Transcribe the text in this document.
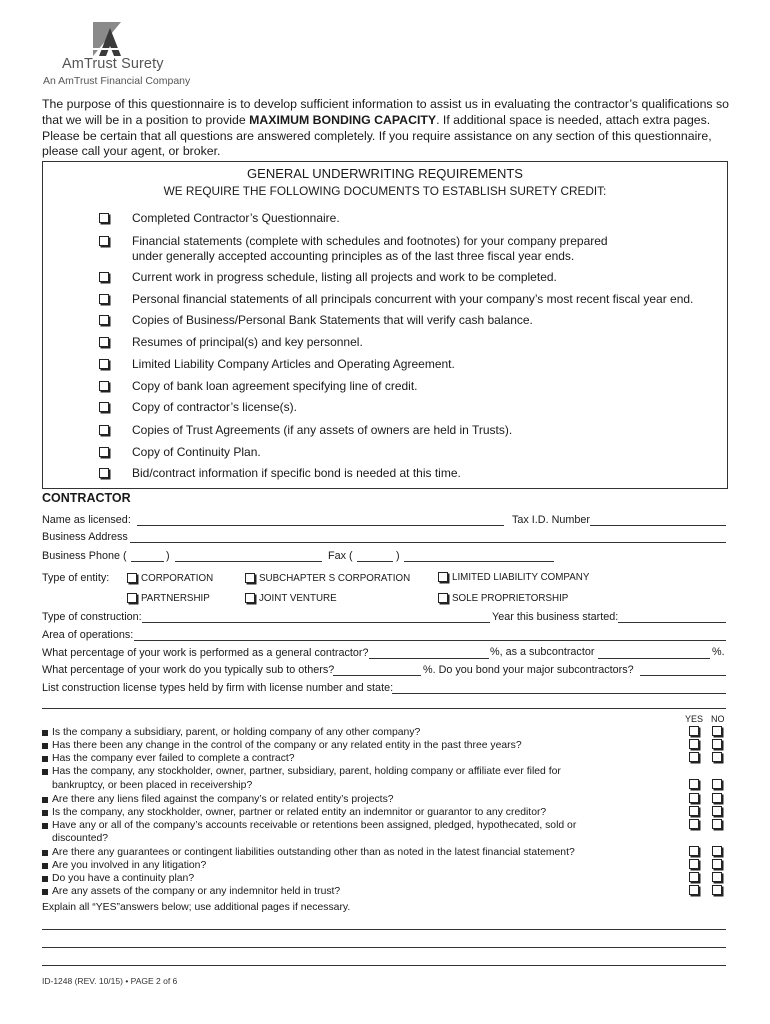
AmTrust Surety
An AmTrust Financial Company
The purpose of this questionnaire is to develop sufficient information to assist us in evaluating the contractor’s qualifications so that we will be in a position to provide MAXIMUM BONDING CAPACITY. If additional space is needed, attach extra pages. Please be certain that all questions are answered completely. If you require assistance on any section of this questionnaire, please call your agent, or broker.
GENERAL UNDERWRITING REQUIREMENTS
WE REQUIRE THE FOLLOWING DOCUMENTS TO ESTABLISH SURETY CREDIT:
Completed Contractor’s Questionnaire.
Financial statements (complete with schedules and footnotes) for your company prepared under generally accepted accounting principles as of the last three fiscal year ends.
Current work in progress schedule, listing all projects and work to be completed.
Personal financial statements of all principals concurrent with your company’s most recent fiscal year end.
Copies of Business/Personal Bank Statements that will verify cash balance.
Resumes of principal(s) and key personnel.
Limited Liability Company Articles and Operating Agreement.
Copy of bank loan agreement specifying line of credit.
Copy of contractor’s license(s).
Copies of Trust Agreements (if any assets of owners are held in Trusts).
Copy of Continuity Plan.
Bid/contract information if specific bond is needed at this time.
CONTRACTOR
Name as licensed:	Tax I.D. Number
Business Address
Business Phone (	)	Fax (	)
Type of entity:	CORPORATION	SUBCHAPTER S CORPORATION	LIMITED LIABILITY COMPANY
PARTNERSHIP	JOINT VENTURE	SOLE PROPRIETORSHIP
Type of construction:	Year this business started:
Area of operations:
What percentage of your work is performed as a general contractor?	%, as a subcontractor	%.
What percentage of your work do you typically sub to others?	%. Do you bond your major subcontractors?
List construction license types held by firm with license number and state:
YES NO
Is the company a subsidiary, parent, or holding company of any other company?
Has there been any change in the control of the company or any related entity in the past three years?
Has the company ever failed to complete a contract?
Has the company, any stockholder, owner, partner, subsidiary, parent, holding company or affiliate ever filed for
bankruptcy, or been placed in receivership?
Are there any liens filed against the company’s or related entity’s projects?
Is the company, any stockholder, owner, partner or related entity an indemnitor or guarantor to any creditor?
Have any or all of the company’s accounts receivable or retentions been assigned, pledged, hypothecated, sold or
discounted?
Are there any guarantees or contingent liabilities outstanding other than as noted in the latest financial statement?
Are you involved in any litigation?
Do you have a continuity plan?
Are any assets of the company or any indemnitor held in trust?
Explain all “YES”answers below; use additional pages if necessary.
ID-1248 (REV. 10/15) • PAGE 2 of 6
